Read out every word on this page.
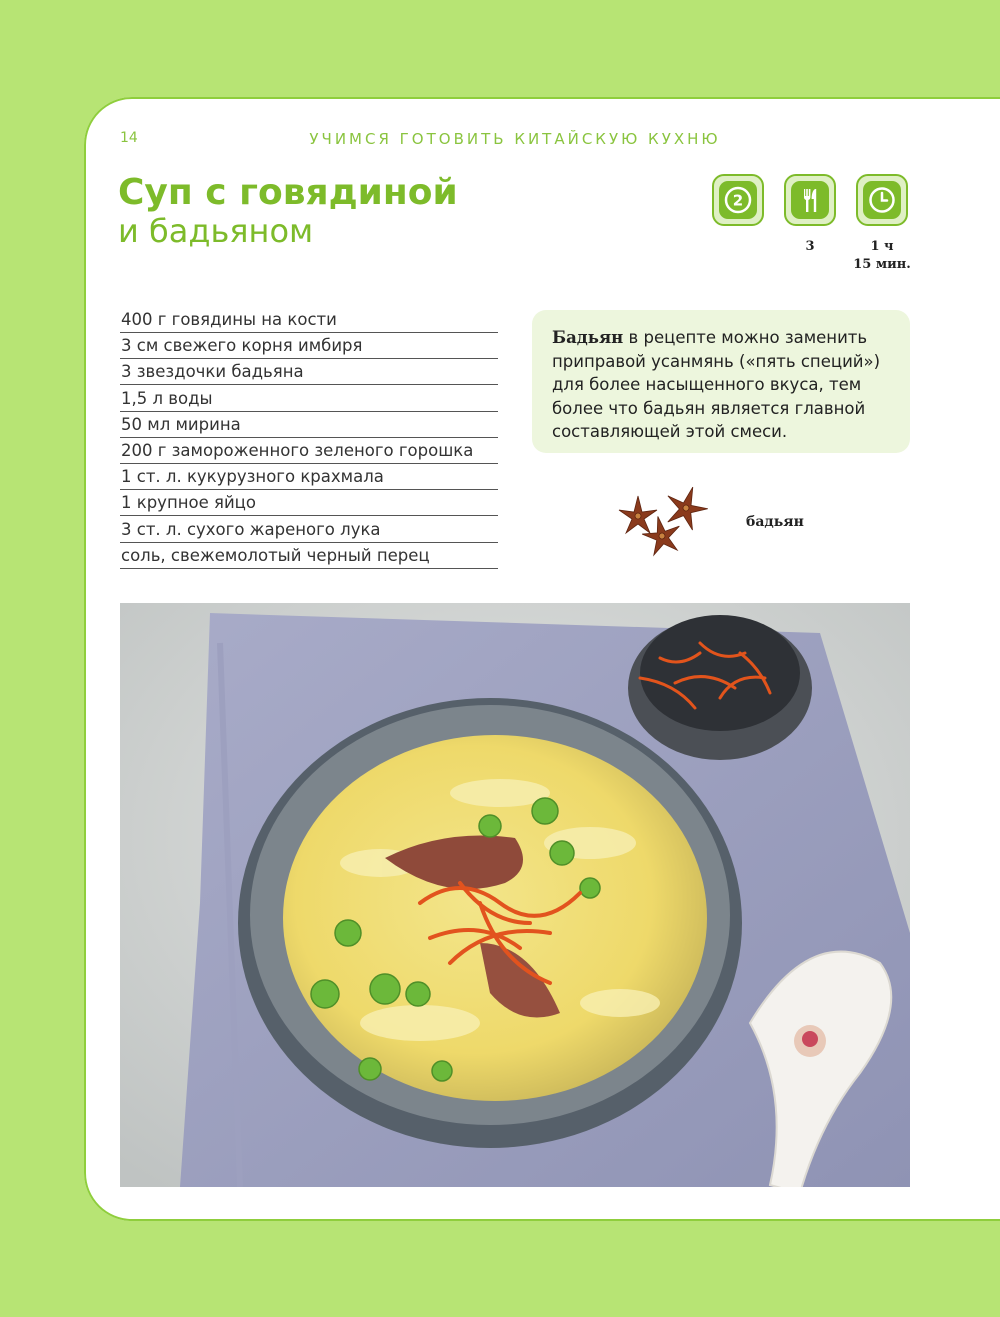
14	УЧИМСЯ ГОТОВИТЬ КИТАЙСКУЮ КУХНЮ
Суп с говядиной
и бадьяном
2
3	1 ч
15 мин.
400 г говядины на кости
3 см свежего корня имбиря
3 звездочки бадьяна
1,5 л воды
50 мл мирина
200 г замороженного зеленого горошка
1 ст. л. кукурузного крахмала
1 крупное яйцо
3 ст. л. сухого жареного лука
соль, свежемолотый черный перец
Бадьян в рецепте можно заменить приправой усанмянь («пять специй») для более насыщенного вкуса, тем более что бадьян является главной составляющей этой смеси.
бадьян
